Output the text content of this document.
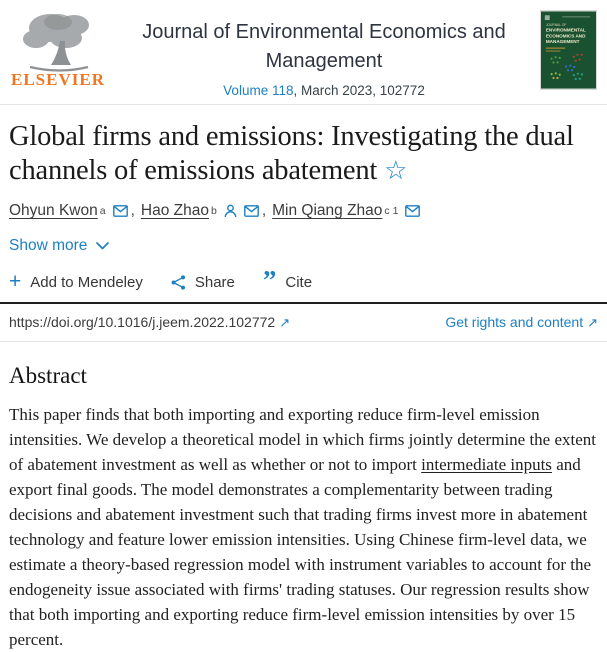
ELSEVIER
Journal of Environmental Economics and Management
Volume 118, March 2023, 102772
JOURNAL OF
ENVIRONMENTAL
ECONOMICS AND
MANAGEMENT
Global firms and emissions: Investigating the dual channels of emissions abatement ☆
Ohyun Kwon a , Hao Zhao b	, Min Qiang Zhao c 1
Show more
+ Add to Mendeley	Share ” Cite
https://doi.org/10.1016/j.jeem.2022.102772 ↗	Get rights and content ↗
Abstract

This paper finds that both importing and exporting reduce firm-level emission intensities. We develop a theoretical model in which firms jointly determine the extent of abatement investment as well as whether or not to import intermediate inputs and export final goods. The model demonstrates a complementarity between trading decisions and abatement investment such that trading firms invest more in abatement technology and feature lower emission intensities. Using Chinese firm-level data, we estimate a theory-based regression model with instrument variables to account for the endogeneity issue associated with firms' trading statuses. Our regression results show that both importing and exporting reduce firm-level emission intensities by over 15 percent.
